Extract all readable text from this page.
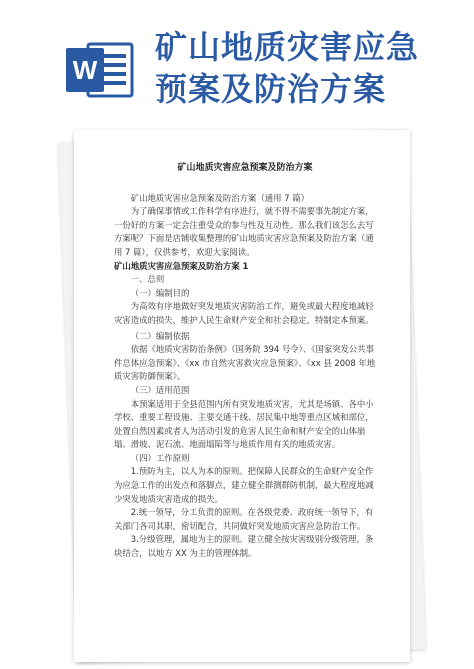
W
矿山地质灾害应急
预案及防治方案

矿山地质灾害应急预案及防治方案

矿山地质灾害应急预案及防治方案（通用 7 篇）

为了确保事情或工作科学有序进行，就不得不需要事先制定方案，一份好的方案一定会注重受众的参与性及互动性。那么我们该怎么去写方案呢？下面是店铺收集整理的矿山地质灾害应急预案及防治方案（通用 7 篇），仅供参考，欢迎大家阅读。

矿山地质灾害应急预案及防治方案 1

一、总则

（一）编制目的

为高效有序地做好突发地质灾害防治工作，避免或最大程度地减轻灾害造成的损失，维护人民生命财产安全和社会稳定，特制定本预案。

（二）编制依据

依据《地质灾害防治条例》（国务院 394 号令）、《国家突发公共事件总体应急预案》、《xx 市自然灾害救灾应急预案》、《xx 县 2008 年地质灾害防御预案》。

（三）适用范围

本预案适用于全县范围内所有突发地质灾害，尤其是场镇、各中小学校、重要工程设施、主要交通干线、居民集中地等重点区域和部位，处置自然因素或者人为活动引发的危害人民生命和财产安全的山体崩塌、滑坡、泥石流、地面塌陷等与地质作用有关的地质灾害。

（四）工作原则

1.预防为主，以人为本的原则。把保障人民群众的生命财产安全作为应急工作的出发点和落脚点，建立健全群测群防机制，最大程度地减少突发地质灾害造成的损失。

2.统一领导，分工负责的原则。在各级党委、政府统一领导下，有关部门各司其职，密切配合，共同做好突发地质灾害应急防治工作。

3.分级管理，属地为主的原则。建立健全按灾害级别分级管理，条块结合，以地方 XX 为主的管理体制。
